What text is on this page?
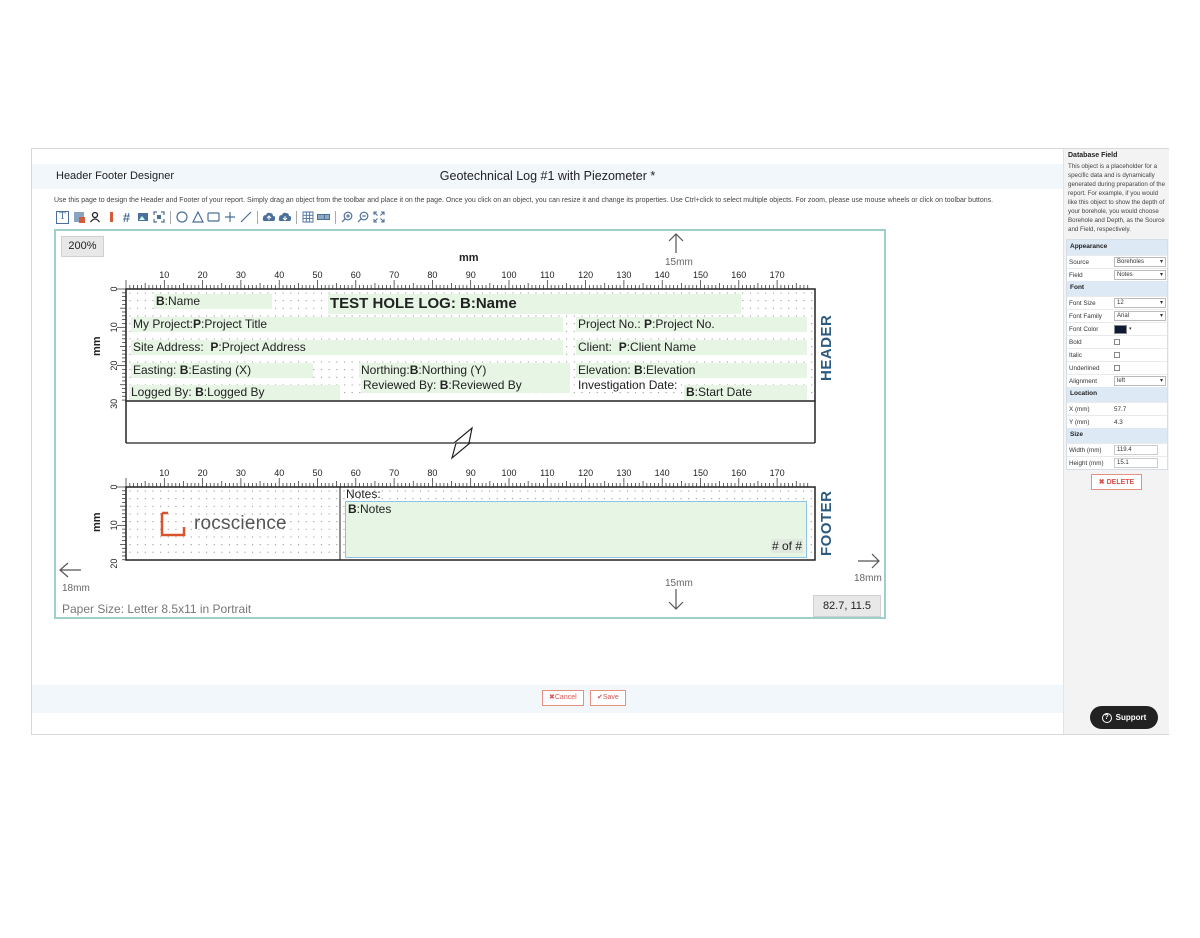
Header Footer Designer	Geotechnical Log #1 with Piezometer *
Use this page to design the Header and Footer of your report. Simply drag an object from the toolbar and place it on the page. Once you click on an object, you can resize it and change its properties. Use Ctrl+click to select multiple objects. For zoom, please use mouse wheels or click on toolbar buttons.
T	#
200%
10	20	30	40	50	60	70	80	90	100	110	120	130	140	150	160	170
10	20	30	40	50	60	70	80	90	100	110	120	130	140	150	160	170
0
10
20
30
0
10
20
mm
mm
mm
15mm
15mm
18mm
18mm
HEADER
FOOTER
B:Name	TEST HOLE LOG: B:Name
My Project:P:Project Title	Project No.: P:Project No.
Site Address: P:Project Address	Client: P:Client Name
Easting: B:Easting (X)	Northing:B:Northing (Y)	Elevation: B:Elevation
Reviewed By: B:Reviewed By	Investigation Date:
Logged By: B:Logged By	B:Start Date
rocscience
Notes:
B:Notes
# of #
Paper Size: Letter 8.5x11 in Portrait	82.7, 11.5
✖Cancel	✔Save
Database Field
This object is a placeholder for a specific data and is dynamically generated during preparation of the report. For example, if you would like this object to show the depth of your borehole, you would choose Borehole and Depth, as the Source and Field, respectively.
Appearance
Source	Boreholes ▾
Field	Notes ▾
Font
Font Size	12 ▾
Font Family	Arial ▾
Font Color	▾
Bold
Italic
Underlined
Alignment	left ▾
Location
X (mm)	57.7
Y (mm)	4.3
Size
Width (mm)	119.4
Height (mm)	15.1
✖ DELETE
? Support
